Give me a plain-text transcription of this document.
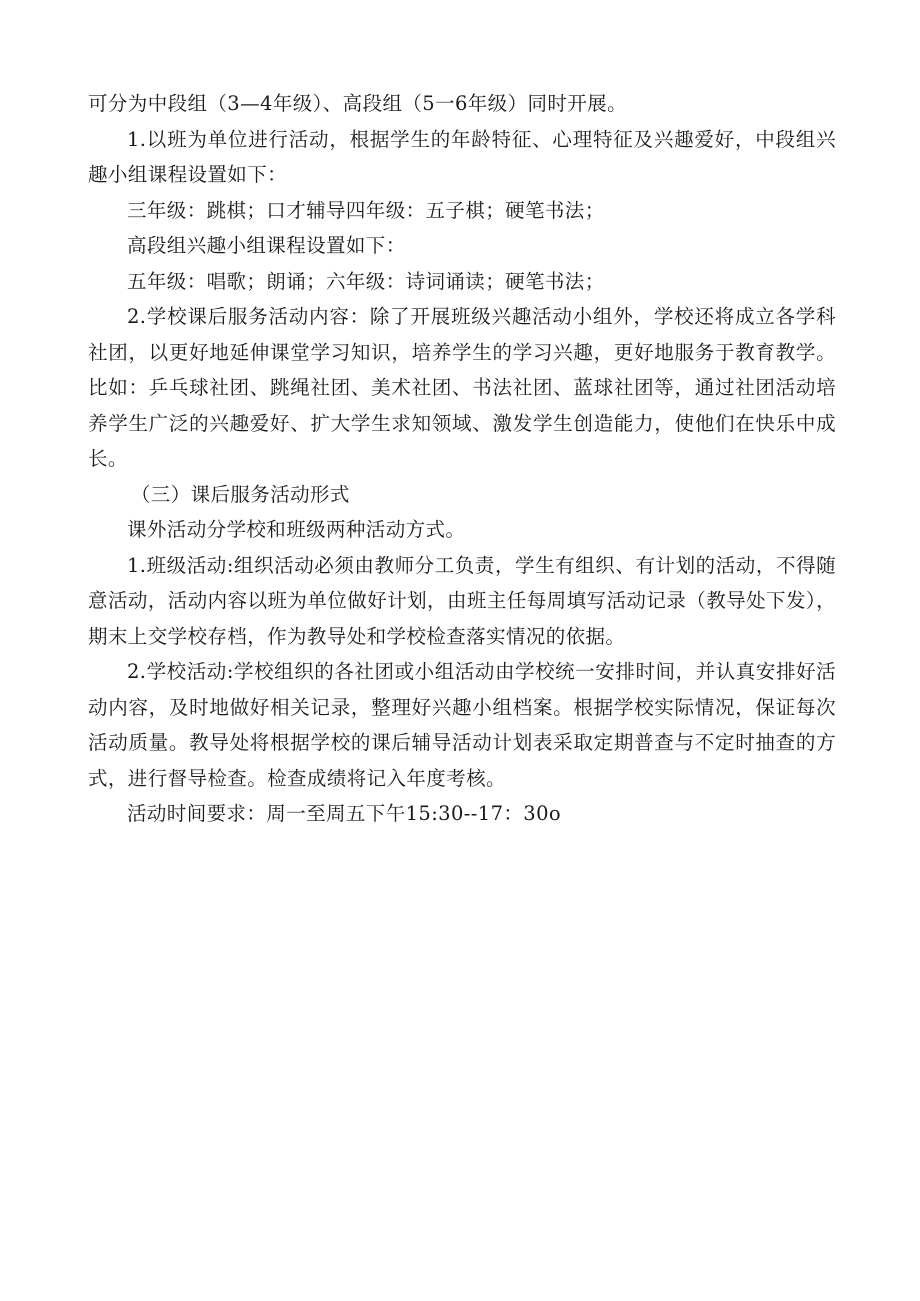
可分为中段组（3—4年级）、高段组（5一6年级）同时开展。

1.以班为单位进行活动，根据学生的年龄特征、心理特征及兴趣爱好，中段组兴趣小组课程设置如下：

三年级：跳棋；口才辅导四年级：五子棋；硬笔书法；

高段组兴趣小组课程设置如下：

五年级：唱歌；朗诵；六年级：诗词诵读；硬笔书法；

2.学校课后服务活动内容：除了开展班级兴趣活动小组外，学校还将成立各学科社团，以更好地延伸课堂学习知识，培养学生的学习兴趣，更好地服务于教育教学。比如：乒乓球社团、跳绳社团、美术社团、书法社团、蓝球社团等，通过社团活动培养学生广泛的兴趣爱好、扩大学生求知领域、激发学生创造能力，使他们在快乐中成长。

（三）课后服务活动形式

课外活动分学校和班级两种活动方式。

1.班级活动:组织活动必须由教师分工负责，学生有组织、有计划的活动，不得随意活动，活动内容以班为单位做好计划，由班主任每周填写活动记录（教导处下发），期末上交学校存档，作为教导处和学校检查落实情况的依据。

2.学校活动:学校组织的各社团或小组活动由学校统一安排时间，并认真安排好活动内容，及时地做好相关记录，整理好兴趣小组档案。根据学校实际情况，保证每次活动质量。教导处将根据学校的课后辅导活动计划表采取定期普查与不定时抽查的方式，进行督导检查。检查成绩将记入年度考核。

活动时间要求：周一至周五下午15:30--17：30o
